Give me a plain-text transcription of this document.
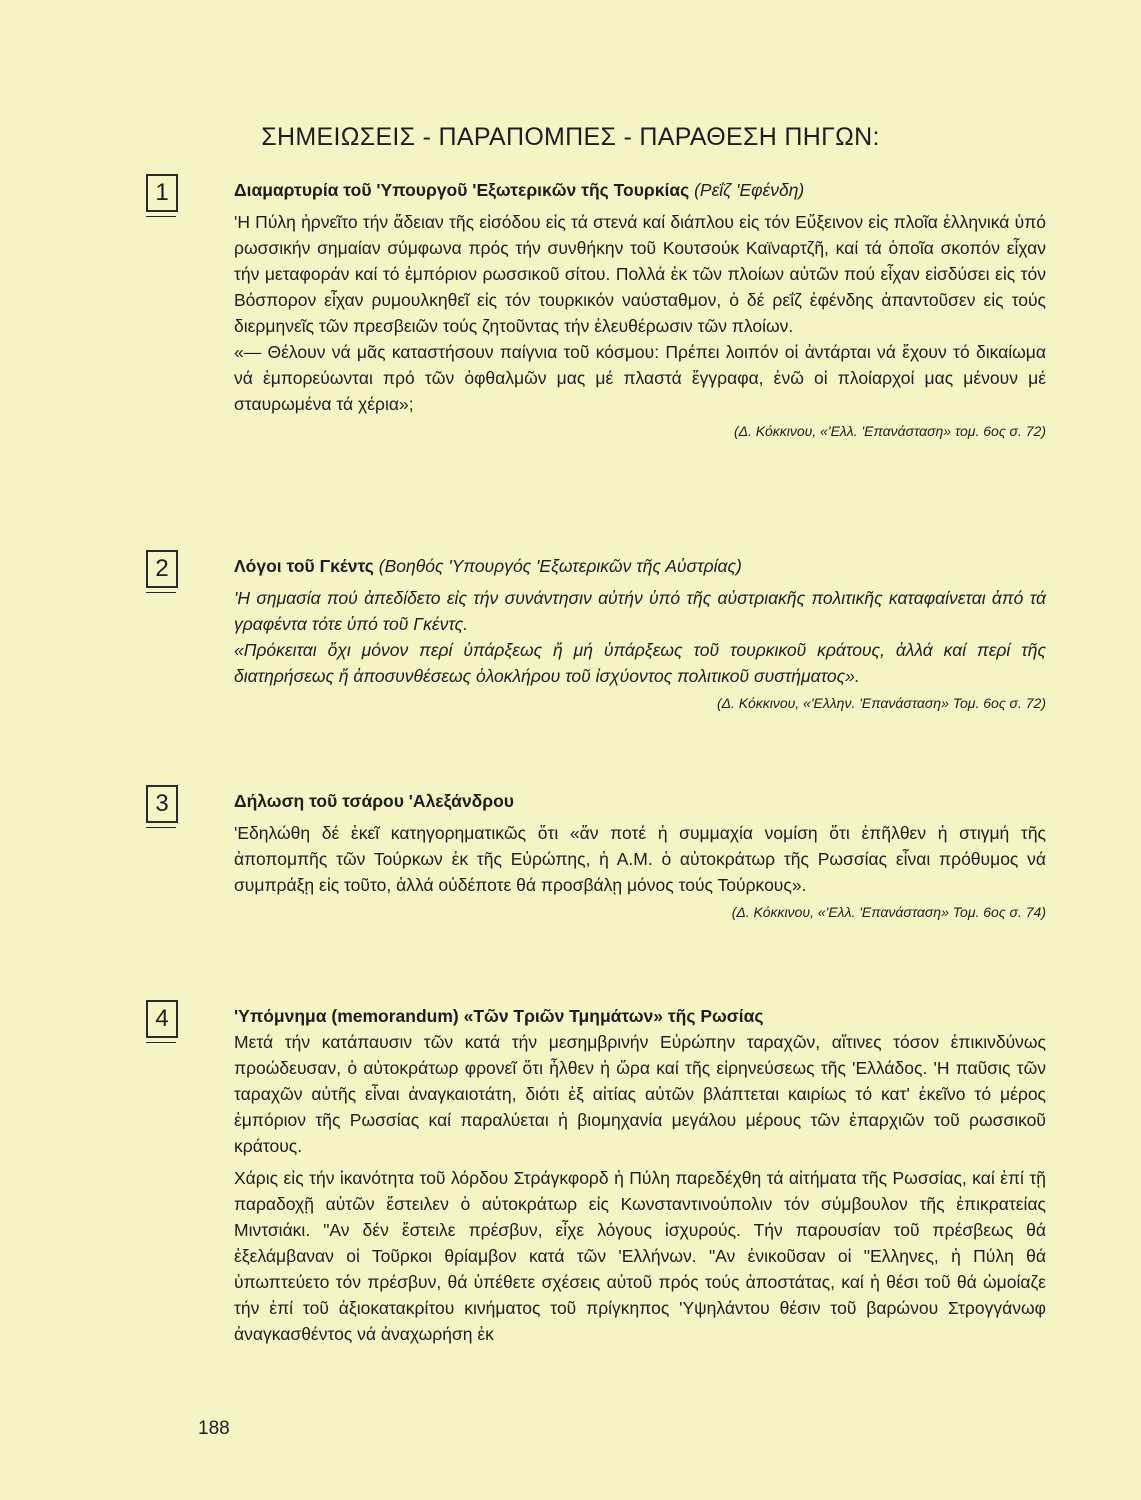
ΣΗΜΕΙΩΣΕΙΣ - ΠΑΡΑΠΟΜΠΕΣ - ΠΑΡΑΘΕΣΗ ΠΗΓΩΝ:
1	Διαμαρτυρία τοῦ 'Υπουργοῦ 'Εξωτερικῶν τῆς Τουρκίας (Ρεΐζ 'Εφένδη)

'Η Πύλη ἠρνεῖτο τήν ἄδειαν τῆς εἰσόδου εἰς τά στενά καί διάπλου εἰς τόν Εὔξεινον εἰς πλοῖα ἑλληνικά ὑπό ρωσσικήν σημαίαν σύμφωνα πρός τήν συνθήκην τοῦ Κουτσούκ Καϊναρτζῆ, καί τά ὁποῖα σκοπόν εἶχαν τήν μεταφοράν καί τό ἐμπόριον ρωσσικοῦ σίτου. Πολλά ἐκ τῶν πλοίων αὐτῶν πού εἶχαν εἰσδύσει εἰς τόν Βόσπορον εἶχαν ρυμουλκηθεῖ εἰς τόν τουρκικόν ναύσταθμον, ὁ δέ ρεΐζ ἐφένδης ἀπαντοῦσεν εἰς τούς διερμηνεῖς τῶν πρεσβειῶν τούς ζητοῦντας τήν ἐλευθέρωσιν τῶν πλοίων.

«— Θέλουν νά μᾶς καταστήσουν παίγνια τοῦ κόσμου: Πρέπει λοιπόν οἱ ἀντάρται νά ἔχουν τό δικαίωμα νά ἐμπορεύωνται πρό τῶν ὀφθαλμῶν μας μέ πλαστά ἔγγραφα, ἐνῶ οἱ πλοίαρχοί μας μένουν μέ σταυρωμένα τά χέρια»;

(Δ. Κόκκινου, «'Ελλ. 'Επανάσταση» τομ. 6ος σ. 72)

2	Λόγοι τοῦ Γκέντς (Βοηθός 'Υπουργός 'Εξωτερικῶν τῆς Αὐστρίας)

'Η σημασία πού ἀπεδίδετο εἰς τήν συνάντησιν αὐτήν ὑπό τῆς αὐστριακῆς πολιτικῆς καταφαίνεται ἀπό τά γραφέντα τότε ὑπό τοῦ Γκέντς.

«Πρόκειται ὄχι μόνον περί ὑπάρξεως ἤ μή ὑπάρξεως τοῦ τουρκικοῦ κράτους, ἀλλά καί περί τῆς διατηρήσεως ἤ ἀποσυνθέσεως ὁλοκλήρου τοῦ ἰσχύοντος πολιτικοῦ συστήματος».

(Δ. Κόκκινου, «'Ελλην. 'Επανάσταση» Τομ. 6ος σ. 72)

3	Δήλωση τοῦ τσάρου 'Αλεξάνδρου

'Εδηλώθη δέ ἐκεῖ κατηγορηματικῶς ὅτι «ἄν ποτέ ἡ συμμαχία νομίση ὅτι ἐπῆλθεν ἡ στιγμή τῆς ἀποπομπῆς τῶν Τούρκων ἐκ τῆς Εὐρώπης, ἡ Α.Μ. ὁ αὐτοκράτωρ τῆς Ρωσσίας εἶναι πρόθυμος νά συμπράξῃ εἰς τοῦτο, ἀλλά οὐδέποτε θά προσβάλῃ μόνος τούς Τούρκους».

(Δ. Κόκκινου, «'Ελλ. 'Επανάσταση» Τομ. 6ος σ. 74)

4	'Υπόμνημα (memorandum) «Τῶν Τριῶν Τμημάτων» τῆς Ρωσίας

Μετά τήν κατάπαυσιν τῶν κατά τήν μεσημβρινήν Εὐρώπην ταραχῶν, αἵτινες τόσον ἐπικινδύνως προώδευσαν, ὁ αὐτοκράτωρ φρονεῖ ὅτι ἦλθεν ἡ ὥρα καί τῆς εἰρηνεύσεως τῆς 'Ελλάδος. 'Η παῦσις τῶν ταραχῶν αὐτῆς εἶναι ἀναγκαιοτάτη, διότι ἐξ αἰτίας αὐτῶν βλάπτεται καιρίως τό κατ' ἐκεῖνο τό μέρος ἐμπόριον τῆς Ρωσσίας καί παραλύεται ἡ βιομηχανία μεγάλου μέρους τῶν ἐπαρχιῶν τοῦ ρωσσικοῦ κράτους.

Χάρις εἰς τήν ἱκανότητα τοῦ λόρδου Στράγκφορδ ἡ Πύλη παρεδέχθη τά αἰτήματα τῆς Ρωσσίας, καί ἐπί τῇ παραδοχῇ αὐτῶν ἔστειλεν ὁ αὐτοκράτωρ εἰς Κωνσταντινούπολιν τόν σύμβουλον τῆς ἐπικρατείας Μιντσιάκι. "Αν δέν ἔστειλε πρέσβυν, εἶχε λόγους ἰσχυρούς. Τήν παρουσίαν τοῦ πρέσβεως θά ἐξελάμβαναν οἱ Τοῦρκοι θρίαμβον κατά τῶν 'Ελλήνων. "Αν ἐνικοῦσαν οἱ "Ελληνες, ἡ Πύλη θά ὑπωπτεύετο τόν πρέσβυν, θά ὑπέθετε σχέσεις αὐτοῦ πρός τούς ἀποστάτας, καί ἡ θέσι τοῦ θά ὡμοίαζε τήν ἐπί τοῦ ἀξιοκατακρίτου κινήματος τοῦ πρίγκηπος 'Υψηλάντου θέσιν τοῦ βαρώνου Στρογγάνωφ ἀναγκασθέντος νά ἀναχωρήση ἐκ

188
